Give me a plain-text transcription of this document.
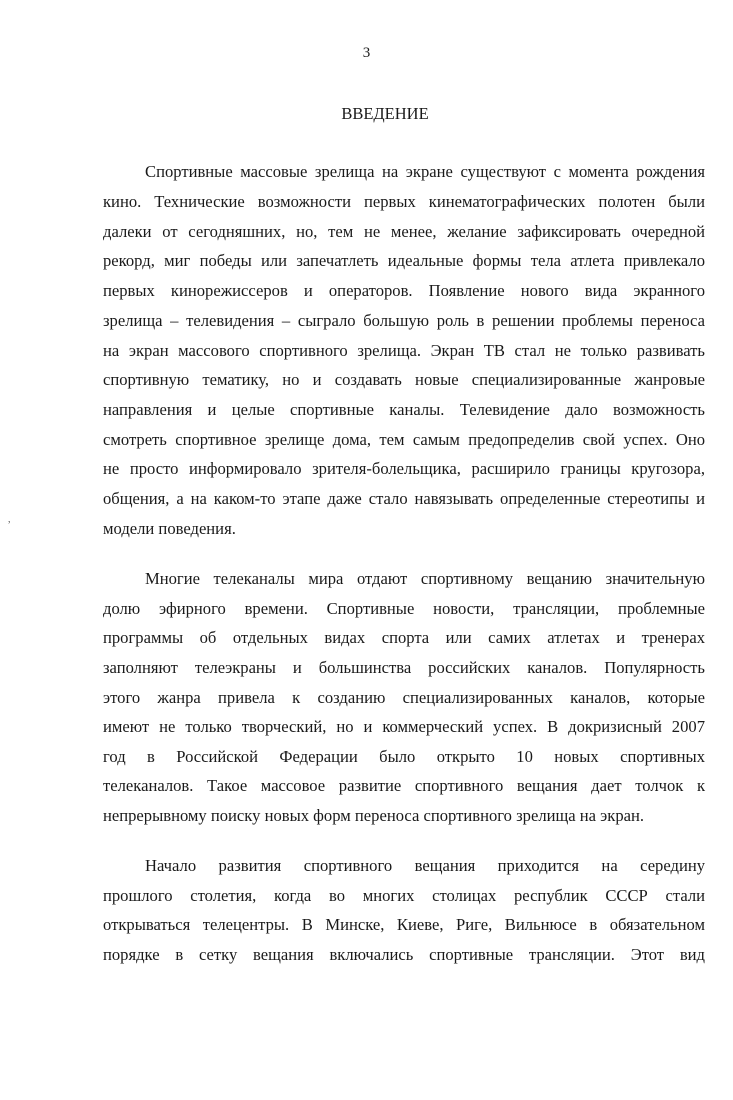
3
ВВЕДЕНИЕ
,
Спортивные массовые зрелища на экране существуют с момента рождения
кино. Технические возможности первых кинематографических полотен были
далеки от сегодняшних, но, тем не менее, желание зафиксировать очередной
рекорд, миг победы или запечатлеть идеальные формы тела атлета привлекало
первых кинорежиссеров и операторов. Появление нового вида экранного
зрелища – телевидения – сыграло большую роль в решении проблемы переноса
на экран массового спортивного зрелища. Экран ТВ стал не только развивать
спортивную тематику, но и создавать новые специализированные жанровые
направления и целые спортивные каналы. Телевидение дало возможность
смотреть спортивное зрелище дома, тем самым предопределив свой успех. Оно
не просто информировало зрителя-болельщика, расширило границы кругозора,
общения, а на каком-то этапе даже стало навязывать определенные стереотипы и
модели поведения.
Многие телеканалы мира отдают спортивному вещанию значительную
долю эфирного времени. Спортивные новости, трансляции, проблемные
программы об отдельных видах спорта или самих атлетах и тренерах
заполняют телеэкраны и большинства российских каналов. Популярность
этого жанра привела к созданию специализированных каналов, которые
имеют не только творческий, но и коммерческий успех. В докризисный 2007
год в Российской Федерации было открыто 10 новых спортивных
телеканалов. Такое массовое развитие спортивного вещания дает толчок к
непрерывному поиску новых форм переноса спортивного зрелища на экран.
Начало развития спортивного вещания приходится на середину
прошлого столетия, когда во многих столицах республик СССР стали
открываться телецентры. В Минске, Киеве, Риге, Вильнюсе в обязательном
порядке в сетку вещания включались спортивные трансляции. Этот вид
